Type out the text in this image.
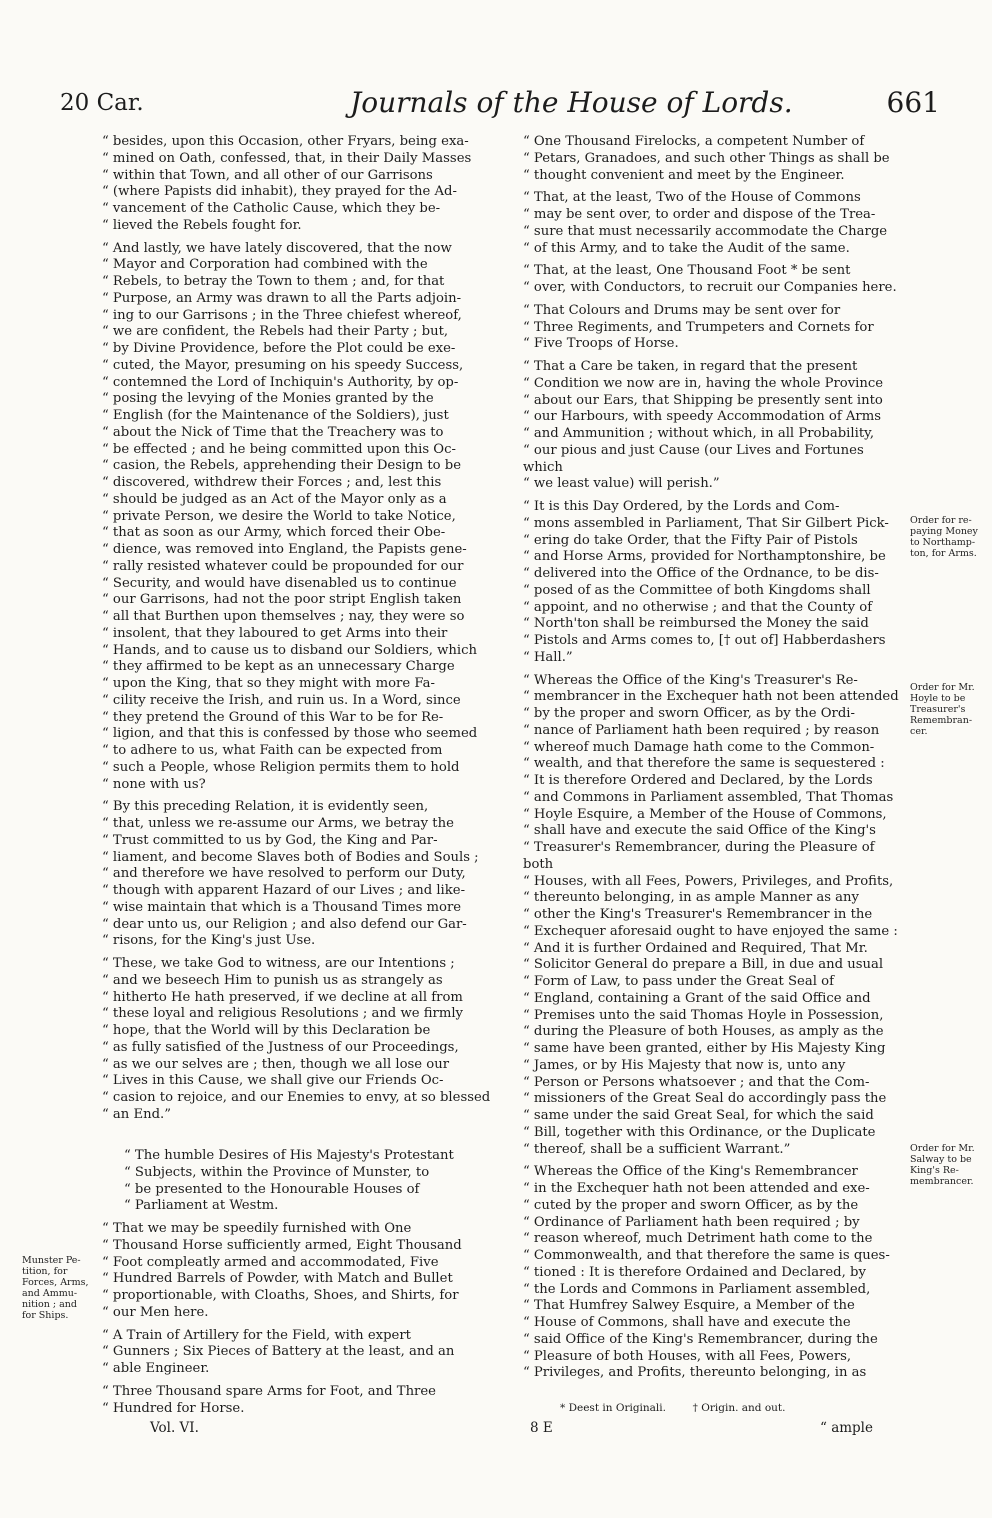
20 Car.	Journals of the House of Lords.	661

“ besides, upon this Occasion, other Fryars, being exa-
“ mined on Oath, confessed, that, in their Daily Masses
“ within that Town, and all other of our Garrisons
“ (where Papists did inhabit), they prayed for the Ad-
“ vancement of the Catholic Cause, which they be-
“ lieved the Rebels fought for.

“ And lastly, we have lately discovered, that the now
“ Mayor and Corporation had combined with the
“ Rebels, to betray the Town to them ; and, for that
“ Purpose, an Army was drawn to all the Parts adjoin-
“ ing to our Garrisons ; in the Three chiefest whereof,
“ we are confident, the Rebels had their Party ; but,
“ by Divine Providence, before the Plot could be exe-
“ cuted, the Mayor, presuming on his speedy Success,
“ contemned the Lord of Inchiquin's Authority, by op-
“ posing the levying of the Monies granted by the
“ English (for the Maintenance of the Soldiers), just
“ about the Nick of Time that the Treachery was to
“ be effected ; and he being committed upon this Oc-
“ casion, the Rebels, apprehending their Design to be
“ discovered, withdrew their Forces ; and, lest this
“ should be judged as an Act of the Mayor only as a
“ private Person, we desire the World to take Notice,
“ that as soon as our Army, which forced their Obe-
“ dience, was removed into England, the Papists gene-
“ rally resisted whatever could be propounded for our
“ Security, and would have disenabled us to continue
“ our Garrisons, had not the poor stript English taken
“ all that Burthen upon themselves ; nay, they were so
“ insolent, that they laboured to get Arms into their
“ Hands, and to cause us to disband our Soldiers, which
“ they affirmed to be kept as an unnecessary Charge
“ upon the King, that so they might with more Fa-
“ cility receive the Irish, and ruin us. In a Word, since
“ they pretend the Ground of this War to be for Re-
“ ligion, and that this is confessed by those who seemed
“ to adhere to us, what Faith can be expected from
“ such a People, whose Religion permits them to hold
“ none with us?

“ By this preceding Relation, it is evidently seen,
“ that, unless we re-assume our Arms, we betray the
“ Trust committed to us by God, the King and Par-
“ liament, and become Slaves both of Bodies and Souls ;
“ and therefore we have resolved to perform our Duty,
“ though with apparent Hazard of our Lives ; and like-
“ wise maintain that which is a Thousand Times more
“ dear unto us, our Religion ; and also defend our Gar-
“ risons, for the King's just Use.

“ These, we take God to witness, are our Intentions ;
“ and we beseech Him to punish us as strangely as
“ hitherto He hath preserved, if we decline at all from
“ these loyal and religious Resolutions ; and we firmly
“ hope, that the World will by this Declaration be
“ as fully satisfied of the Justness of our Proceedings,
“ as we our selves are ; then, though we all lose our
“ Lives in this Cause, we shall give our Friends Oc-
“ casion to rejoice, and our Enemies to envy, at so blessed
“ an End.”

“ The humble Desires of His Majesty's Protestant
“ Subjects, within the Province of Munster, to
“ be presented to the Honourable Houses of
“ Parliament at Westm.

“ That we may be speedily furnished with One
“ Thousand Horse sufficiently armed, Eight Thousand
“ Foot compleatly armed and accommodated, Five
“ Hundred Barrels of Powder, with Match and Bullet
“ proportionable, with Cloaths, Shoes, and Shirts, for
“ our Men here.

“ A Train of Artillery for the Field, with expert
“ Gunners ; Six Pieces of Battery at the least, and an
“ able Engineer.

“ Three Thousand spare Arms for Foot, and Three
“ Hundred for Horse.

“ One Thousand Firelocks, a competent Number of
“ Petars, Granadoes, and such other Things as shall be
“ thought convenient and meet by the Engineer.

“ That, at the least, Two of the House of Commons
“ may be sent over, to order and dispose of the Trea-
“ sure that must necessarily accommodate the Charge
“ of this Army, and to take the Audit of the same.

“ That, at the least, One Thousand Foot * be sent
“ over, with Conductors, to recruit our Companies here.

“ That Colours and Drums may be sent over for
“ Three Regiments, and Trumpeters and Cornets for
“ Five Troops of Horse.

“ That a Care be taken, in regard that the present
“ Condition we now are in, having the whole Province
“ about our Ears, that Shipping be presently sent into
“ our Harbours, with speedy Accommodation of Arms
“ and Ammunition ; without which, in all Probability,
“ our pious and just Cause (our Lives and Fortunes which
“ we least value) will perish.”

“ It is this Day Ordered, by the Lords and Com-
“ mons assembled in Parliament, That Sir Gilbert Pick-
“ ering do take Order, that the Fifty Pair of Pistols
“ and Horse Arms, provided for Northamptonshire, be
“ delivered into the Office of the Ordnance, to be dis-
“ posed of as the Committee of both Kingdoms shall
“ appoint, and no otherwise ; and that the County of
“ North'ton shall be reimbursed the Money the said
“ Pistols and Arms comes to, [† out of] Habberdashers
“ Hall.”

“ Whereas the Office of the King's Treasurer's Re-
“ membrancer in the Exchequer hath not been attended
“ by the proper and sworn Officer, as by the Ordi-
“ nance of Parliament hath been required ; by reason
“ whereof much Damage hath come to the Common-
“ wealth, and that therefore the same is sequestered :
“ It is therefore Ordered and Declared, by the Lords
“ and Commons in Parliament assembled, That Thomas
“ Hoyle Esquire, a Member of the House of Commons,
“ shall have and execute the said Office of the King's
“ Treasurer's Remembrancer, during the Pleasure of both
“ Houses, with all Fees, Powers, Privileges, and Profits,
“ thereunto belonging, in as ample Manner as any
“ other the King's Treasurer's Remembrancer in the
“ Exchequer aforesaid ought to have enjoyed the same :
“ And it is further Ordained and Required, That Mr.
“ Solicitor General do prepare a Bill, in due and usual
“ Form of Law, to pass under the Great Seal of
“ England, containing a Grant of the said Office and
“ Premises unto the said Thomas Hoyle in Possession,
“ during the Pleasure of both Houses, as amply as the
“ same have been granted, either by His Majesty King
“ James, or by His Majesty that now is, unto any
“ Person or Persons whatsoever ; and that the Com-
“ missioners of the Great Seal do accordingly pass the
“ same under the said Great Seal, for which the said
“ Bill, together with this Ordinance, or the Duplicate
“ thereof, shall be a sufficient Warrant.”

“ Whereas the Office of the King's Remembrancer
“ in the Exchequer hath not been attended and exe-
“ cuted by the proper and sworn Officer, as by the
“ Ordinance of Parliament hath been required ; by
“ reason whereof, much Detriment hath come to the
“ Commonwealth, and that therefore the same is ques-
“ tioned : It is therefore Ordained and Declared, by
“ the Lords and Commons in Parliament assembled,
“ That Humfrey Salwey Esquire, a Member of the
“ House of Commons, shall have and execute the
“ said Office of the King's Remembrancer, during the
“ Pleasure of both Houses, with all Fees, Powers,
“ Privileges, and Profits, thereunto belonging, in as

Munster Pe-
tition, for
Forces, Arms,
and Ammu-
nition ; and
for Ships.
Order for re-
paying Money
to Northamp-
ton, for Arms.
Order for Mr.
Hoyle to be
Treasurer's
Remembran-
cer.
Order for Mr.
Salway to be
King's Re-
membrancer.
* Deest in Originali.        † Origin. and out.
Vol. VI.	8 E	“ ample
